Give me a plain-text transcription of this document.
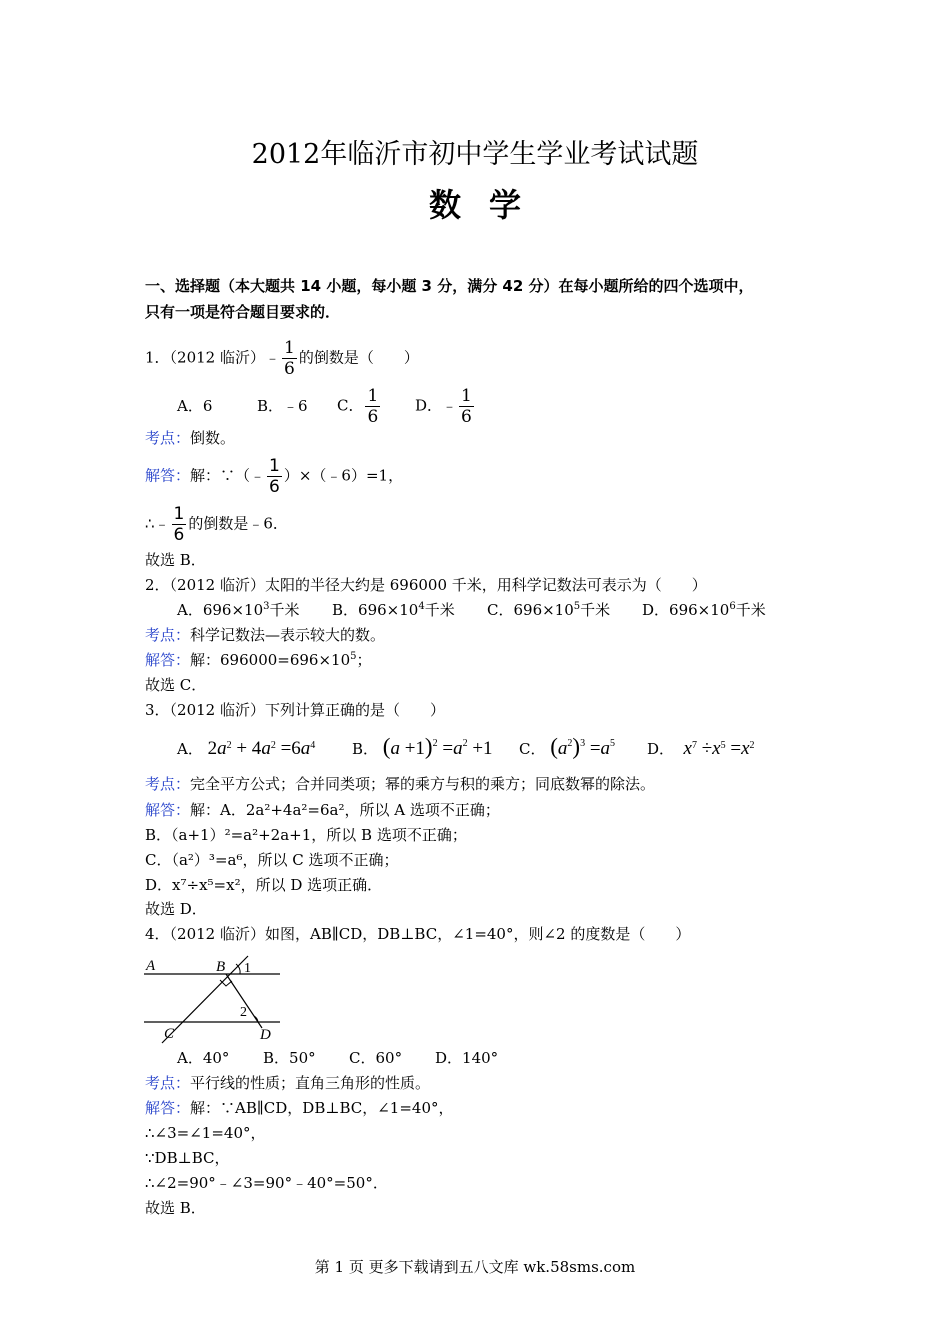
2012年临沂市初中学生学业考试试题
数学
一、选择题（本大题共 14 小题，每小题 3 分，满分 42 分）在每小题所给的四个选项中，
只有一项是符合题目要求的．
1．（2012 临沂）﹣ $\frac{1}{6}$ 的倒数是（　　）
A．6	B．﹣6 C． $\frac{1}{6}$ D．﹣ $\frac{1}{6}$
考点：倒数。
解答：解：∵（﹣ $\frac{1}{6}$ ）×（﹣6）=1，
∴﹣ $\frac{1}{6}$ 的倒数是﹣6．
故选 B．
2．（2012 临沂）太阳的半径大约是 696000 千米，用科学记数法可表示为（　　）
A．$696\times 10^3$千米 B．$696\times 10^4$千米 C．$696\times 10^5$千米 D．$696\times 10^6$千米
考点：科学记数法—表示较大的数。
解答：解：$696000=696\times 10^5$；
故选 C．
3．（2012 临沂）下列计算正确的是（　　）
A． $2a^2 + 4a^2 =6a^4$ B． $(a +1)^2 =a^2 +1$ C． $(a^2)^3 =a^5$ D． $x^7 \div x^5 =x^2$
考点：完全平方公式；合并同类项；幂的乘方与积的乘方；同底数幂的除法。
解答：解：A．2a²+4a²=6a²，所以 A 选项不正确；
B．（a+1）²=a²+2a+1，所以 B 选项不正确；
C．（a²）³=a⁶，所以 C 选项不正确；
D．x⁷÷x⁵=x²，所以 D 选项正确．
故选 D．
4．（2012 临沂）如图，AB∥CD，DB⊥BC，∠1=40°，则∠2 的度数是（　　）
A	B 1
2
C	D
A．40° B．50° C．60° D．140°
考点：平行线的性质；直角三角形的性质。
解答：解：∵AB∥CD，DB⊥BC，∠1=40°，
∴∠3=∠1=40°，
∵DB⊥BC，
∴∠2=90°﹣∠3=90°﹣40°=50°．
故选 B．
第 1 页 更多下载请到五八文库 wk.58sms.com
